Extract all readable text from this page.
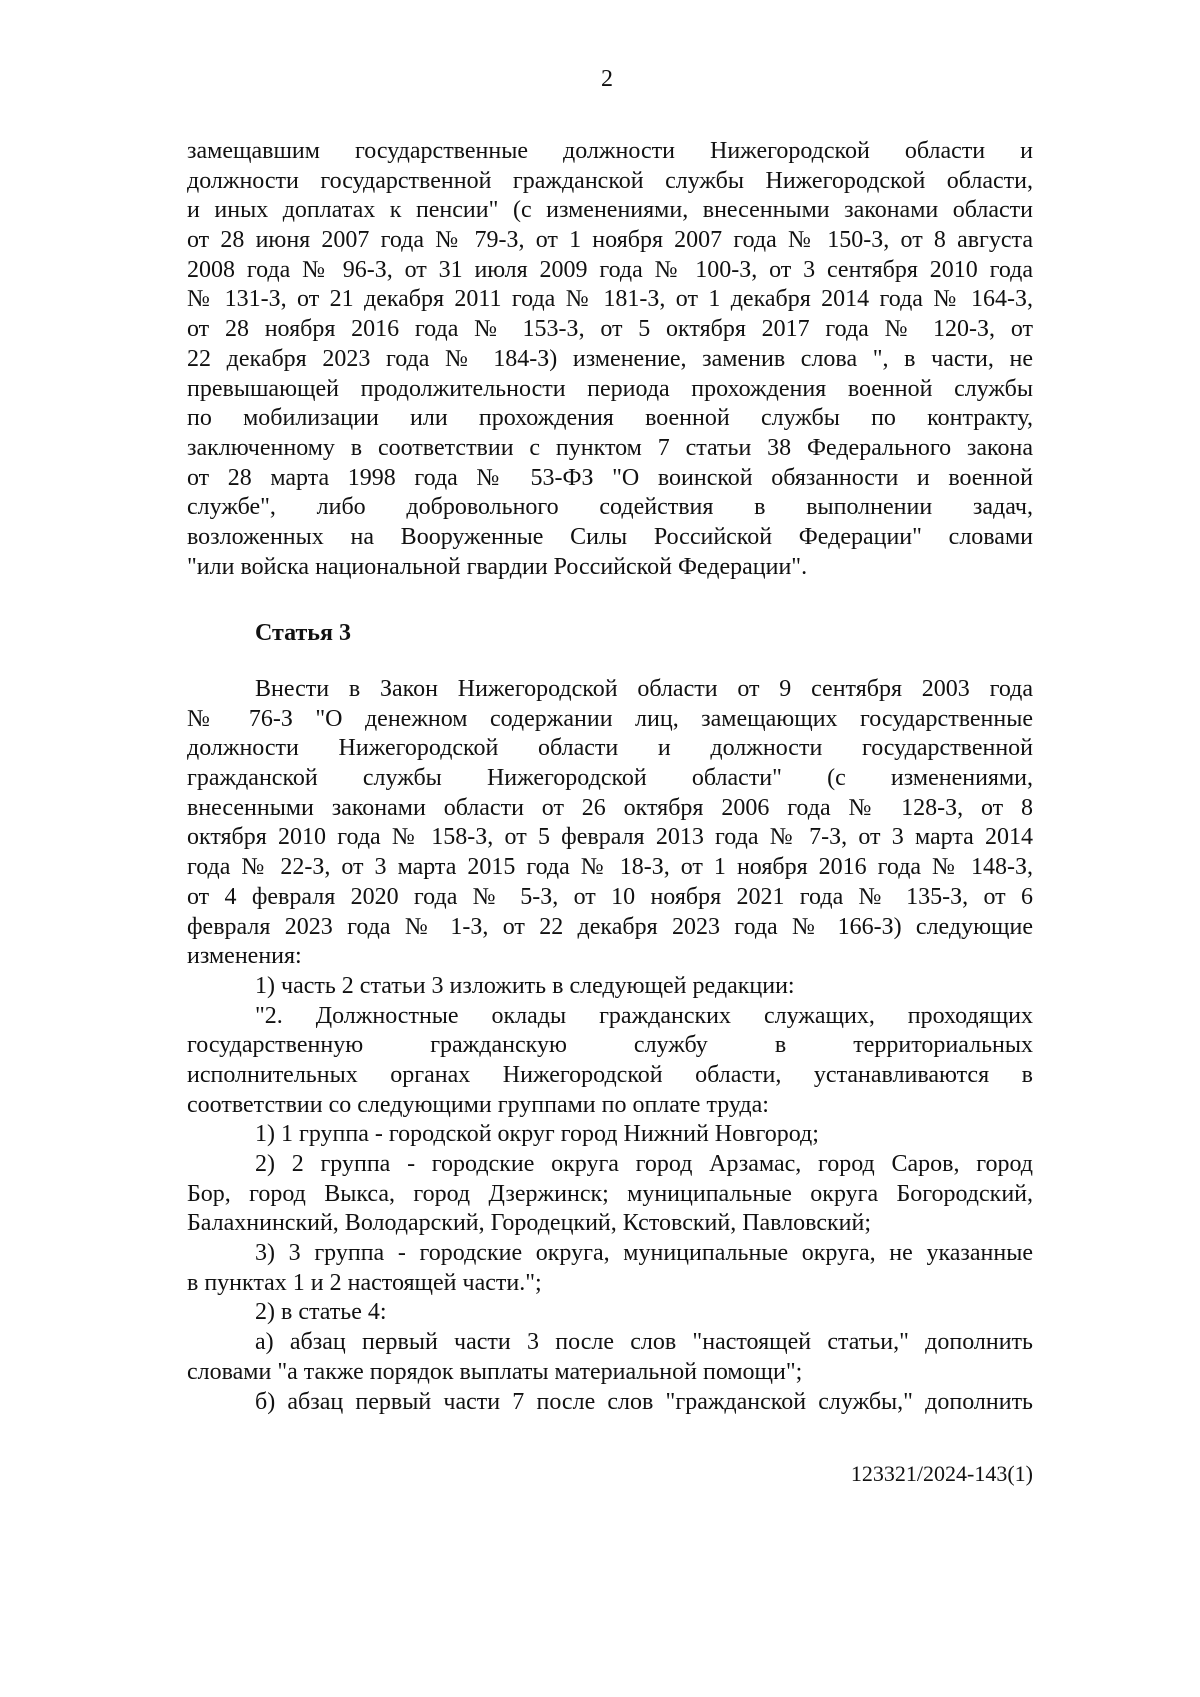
2
замещавшим государственные должности Нижегородской области и
должности государственной гражданской службы Нижегородской области,
и иных доплатах к пенсии" (с изменениями, внесенными законами области
от 28 июня 2007 года № 79-З, от 1 ноября 2007 года № 150-З, от 8 августа
2008 года № 96-З, от 31 июля 2009 года № 100-З, от 3 сентября 2010 года
№ 131-З, от 21 декабря 2011 года № 181-З, от 1 декабря 2014 года № 164-З,
от 28 ноября 2016 года № 153-З, от 5 октября 2017 года № 120-З, от
22 декабря 2023 года № 184-З) изменение, заменив слова ", в части, не
превышающей продолжительности периода прохождения военной службы
по мобилизации или прохождения военной службы по контракту,
заключенному в соответствии с пунктом 7 статьи 38 Федерального закона
от 28 марта 1998 года № 53-ФЗ "О воинской обязанности и военной
службе", либо добровольного содействия в выполнении задач,
возложенных на Вооруженные Силы Российской Федерации" словами
"или войска национальной гвардии Российской Федерации".
Статья 3
Внести в Закон Нижегородской области от 9 сентября 2003 года
№ 76-З "О денежном содержании лиц, замещающих государственные
должности Нижегородской области и должности государственной
гражданской службы Нижегородской области" (с изменениями,
внесенными законами области от 26 октября 2006 года № 128-З, от 8
октября 2010 года № 158-З, от 5 февраля 2013 года № 7-З, от 3 марта 2014
года № 22-З, от 3 марта 2015 года № 18-З, от 1 ноября 2016 года № 148-З,
от 4 февраля 2020 года № 5-З, от 10 ноября 2021 года № 135-З, от 6
февраля 2023 года № 1-З, от 22 декабря 2023 года № 166-З) следующие
изменения:
1) часть 2 статьи 3 изложить в следующей редакции:
"2. Должностные оклады гражданских служащих, проходящих
государственную гражданскую службу в территориальных
исполнительных органах Нижегородской области, устанавливаются в
соответствии со следующими группами по оплате труда:
1) 1 группа - городской округ город Нижний Новгород;
2) 2 группа - городские округа город Арзамас, город Саров, город
Бор, город Выкса, город Дзержинск; муниципальные округа Богородский,
Балахнинский, Володарский, Городецкий, Кстовский, Павловский;
3) 3 группа - городские округа, муниципальные округа, не указанные
в пунктах 1 и 2 настоящей части.";
2) в статье 4:
а) абзац первый части 3 после слов "настоящей статьи," дополнить
словами "а также порядок выплаты материальной помощи";
б) абзац первый части 7 после слов "гражданской службы," дополнить
123321/2024-143(1)
